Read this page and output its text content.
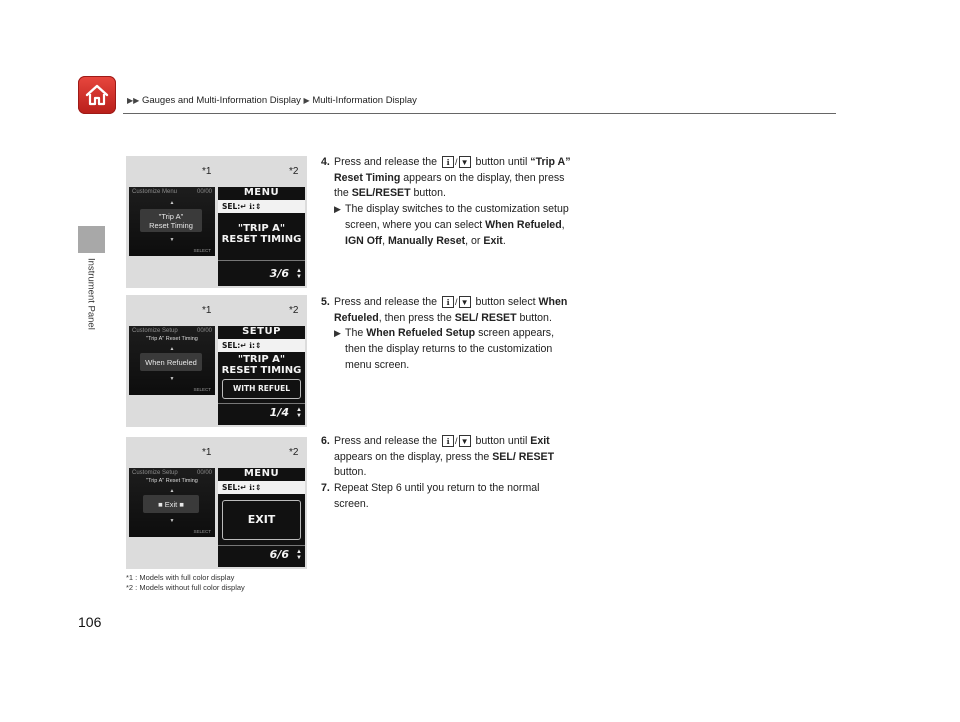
▶▶ Gauges and Multi-Information Display ▶ Multi-Information Display
Instrument Panel
*1	*2
Customize Menu	00/00
▲
"Trip A"
Reset Timing
▼
SELECT
MENU
SEL:↵ ℹ:⇕
"TRIP A"
RESET TIMING
3/6 ▲
▼
*1	*2
Customize Setup	00/00
"Trip A" Reset Timing
▲
When Refueled
▼
SELECT
SETUP
SEL:↵ ℹ:⇕
"TRIP A"
RESET TIMING
WITH REFUEL
1/4 ▲
▼
*1	*2
Customize Setup	00/00
"Trip A" Reset Timing
▲
■ Exit ■
▼
SELECT
MENU
SEL:↵ ℹ:⇕
EXIT
6/6 ▲
▼
*1 : Models with full color display
*2 : Models without full color display
4. Press and release the ℹ / ▼ button until “Trip A” Reset Timing appears on the display, then press the SEL/RESET button.
▶ The display switches to the customization setup screen, where you can select When Refueled, IGN Off, Manually Reset, or Exit.
5. Press and release the ℹ / ▼ button select When Refueled, then press the SEL/ RESET button.
▶ The When Refueled Setup screen appears, then the display returns to the customization menu screen.
6. Press and release the ℹ / ▼ button until Exit appears on the display, press the SEL/ RESET button.
7. Repeat Step 6 until you return to the normal screen.
106
